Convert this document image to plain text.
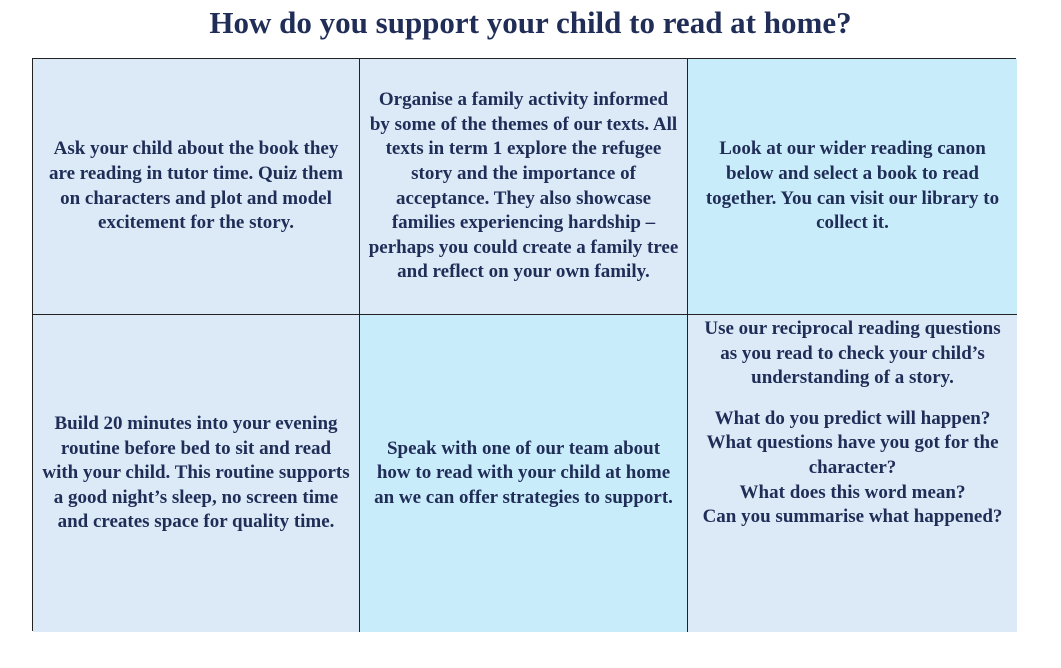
How do you support your child to read at home?

Ask your child about the book they are reading in tutor time. Quiz them on characters and plot and model excitement for the story.

Organise a family activity informed by some of the themes of our texts. All texts in term 1 explore the refugee story and the importance of acceptance. They also showcase families experiencing hardship – perhaps you could create a family tree and reflect on your own family.

Look at our wider reading canon below and select a book to read together. You can visit our library to collect it.

Build 20 minutes into your evening routine before bed to sit and read with your child. This routine supports a good night’s sleep, no screen time and creates space for quality time.

Speak with one of our team about how to read with your child at home an we can offer strategies to support.

Use our reciprocal reading questions as you read to check your child’s understanding of a story.

What do you predict will happen?

What questions have you got for the character?

What does this word mean?

Can you summarise what happened?
